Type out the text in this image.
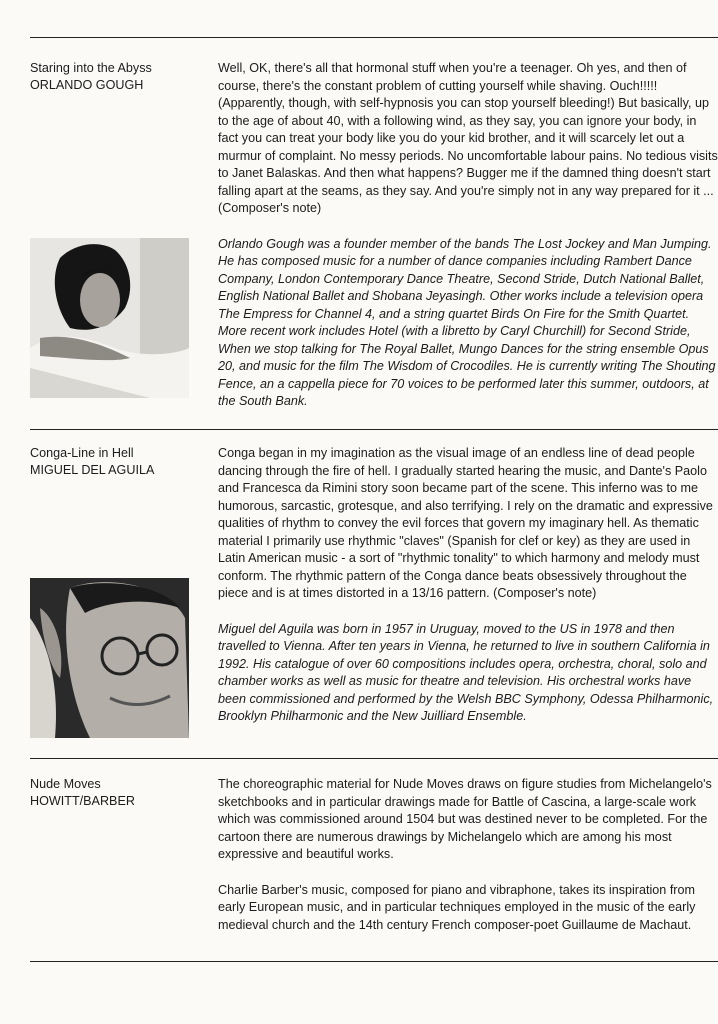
Staring into the Abyss
ORLANDO GOUGH

Well, OK, there's all that hormonal stuff when you're a teenager. Oh yes, and then of course, there's the constant problem of cutting yourself while shaving. Ouch!!!!! (Apparently, though, with self-hypnosis you can stop yourself bleeding!) But basically, up to the age of about 40, with a following wind, as they say, you can ignore your body, in fact you can treat your body like you do your kid brother, and it will scarcely let out a murmur of complaint. No messy periods. No uncomfortable labour pains. No tedious visits to Janet Balaskas. And then what happens? Bugger me if the damned thing doesn't start falling apart at the seams, as they say. And you're simply not in any way prepared for it ... (Composer's note)

Orlando Gough was a founder member of the bands The Lost Jockey and Man Jumping. He has composed music for a number of dance companies including Rambert Dance Company, London Contemporary Dance Theatre, Second Stride, Dutch National Ballet, English National Ballet and Shobana Jeyasingh. Other works include a television opera The Empress for Channel 4, and a string quartet Birds On Fire for the Smith Quartet. More recent work includes Hotel (with a libretto by Caryl Churchill) for Second Stride, When we stop talking for The Royal Ballet, Mungo Dances for the string ensemble Opus 20, and music for the film The Wisdom of Crocodiles. He is currently writing The Shouting Fence, an a cappella piece for 70 voices to be performed later this summer, outdoors, at the South Bank.

Conga-Line in Hell
MIGUEL DEL AGUILA

Conga began in my imagination as the visual image of an endless line of dead people dancing through the fire of hell. I gradually started hearing the music, and Dante's Paolo and Francesca da Rimini story soon became part of the scene. This inferno was to me humorous, sarcastic, grotesque, and also terrifying. I rely on the dramatic and expressive qualities of rhythm to convey the evil forces that govern my imaginary hell. As thematic material I primarily use rhythmic "claves" (Spanish for clef or key) as they are used in Latin American music - a sort of "rhythmic tonality" to which harmony and melody must conform. The rhythmic pattern of the Conga dance beats obsessively throughout the piece and is at times distorted in a 13/16 pattern. (Composer's note)

Miguel del Aguila was born in 1957 in Uruguay, moved to the US in 1978 and then travelled to Vienna. After ten years in Vienna, he returned to live in southern California in 1992. His catalogue of over 60 compositions includes opera, orchestra, choral, solo and chamber works as well as music for theatre and television. His orchestral works have been commissioned and performed by the Welsh BBC Symphony, Odessa Philharmonic, Brooklyn Philharmonic and the New Juilliard Ensemble.

Nude Moves
HOWITT/BARBER

The choreographic material for Nude Moves draws on figure studies from Michelangelo's sketchbooks and in particular drawings made for Battle of Cascina, a large-scale work which was commissioned around 1504 but was destined never to be completed. For the cartoon there are numerous drawings by Michelangelo which are among his most expressive and beautiful works.

Charlie Barber's music, composed for piano and vibraphone, takes its inspiration from early European music, and in particular techniques employed in the music of the early medieval church and the 14th century French composer-poet Guillaume de Machaut.
